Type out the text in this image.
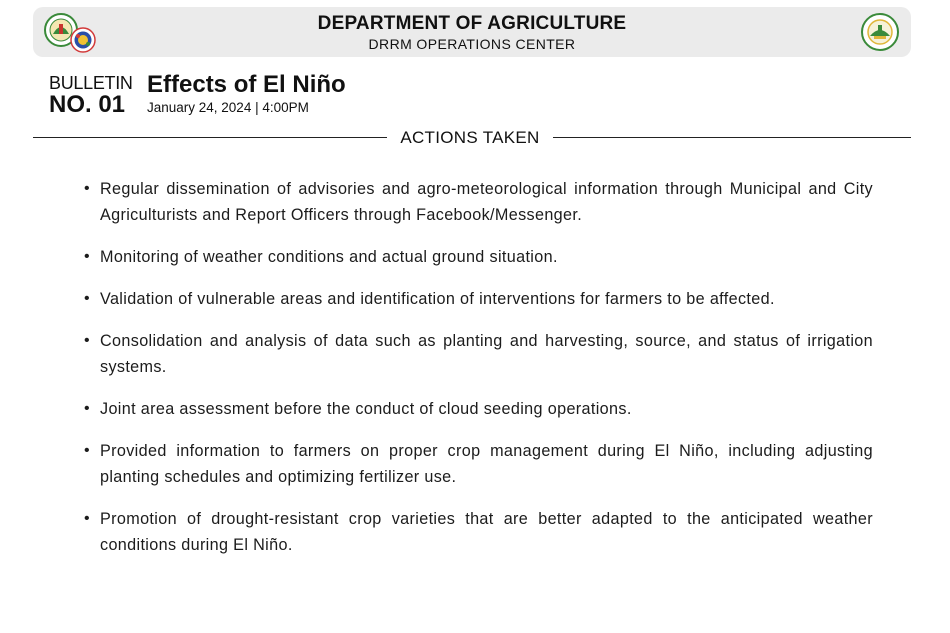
DEPARTMENT OF AGRICULTURE
DRRM OPERATIONS CENTER
BULLETIN
NO. 01
Effects of El Niño
January 24, 2024 | 4:00PM
ACTIONS TAKEN
• Regular dissemination of advisories and agro-meteorological information through Municipal and City Agriculturists and Report Officers through Facebook/Messenger.
• Monitoring of weather conditions and actual ground situation.
• Validation of vulnerable areas and identification of interventions for farmers to be affected.
• Consolidation and analysis of data such as planting and harvesting, source, and status of irrigation systems.
• Joint area assessment before the conduct of cloud seeding operations.
• Provided information to farmers on proper crop management during El Niño, including adjusting planting schedules and optimizing fertilizer use.
• Promotion of drought-resistant crop varieties that are better adapted to the anticipated weather conditions during El Niño.
